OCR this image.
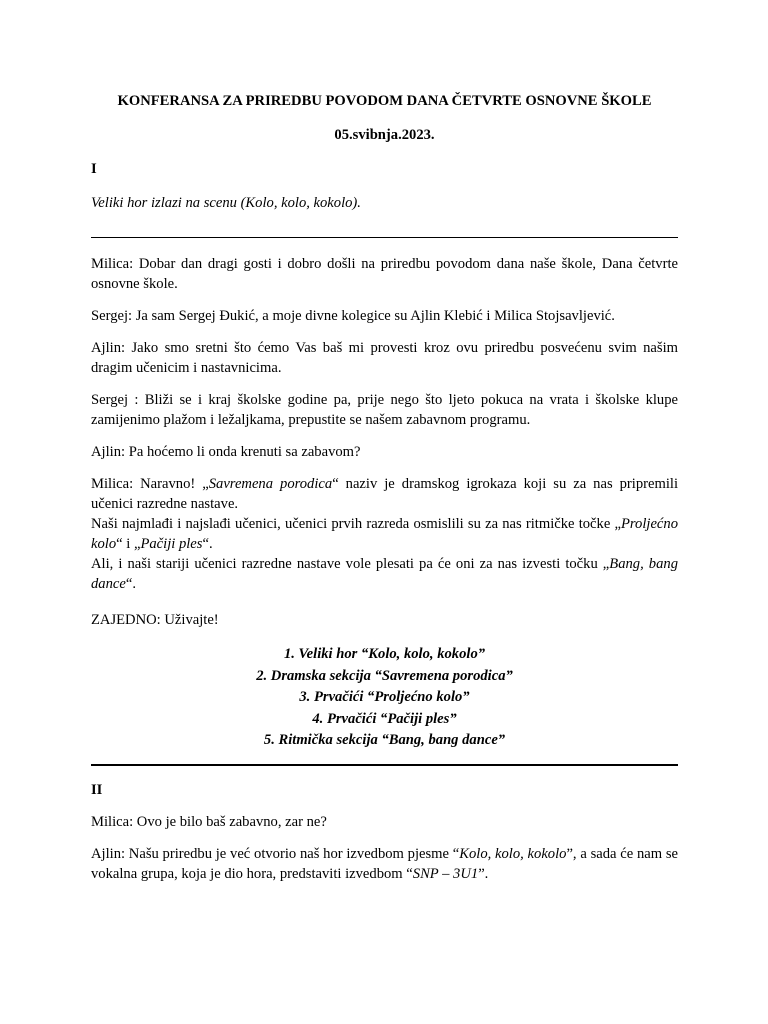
KONFERANSA ZA PRIREDBU POVODOM DANA ČETVRTE OSNOVNE ŠKOLE

05.svibnja.2023.

I

Veliki hor izlazi na scenu (Kolo, kolo, kokolo).

Milica: Dobar dan dragi gosti i dobro došli na priredbu povodom dana naše škole, Dana četvrte osnovne škole.

Sergej: Ja sam Sergej Đukić, a moje divne kolegice su Ajlin Klebić i Milica Stojsavljević.

Ajlin: Jako smo sretni što ćemo Vas baš mi provesti kroz ovu priredbu posvećenu svim našim dragim učenicim i nastavnicima.

Sergej : Bliži se i kraj školske godine pa, prije nego što ljeto pokuca na vrata i školske klupe zamijenimo plažom i ležaljkama, prepustite se našem zabavnom programu.

Ajlin: Pa hoćemo li onda krenuti sa zabavom?

Milica: Naravno! „Savremena porodica“ naziv je dramskog igrokaza koji su za nas pripremili učenici razredne nastave.

Naši najmlađi i najslađi učenici, učenici prvih razreda osmislili su za nas ritmičke točke „Proljećno kolo“ i „Pačiji ples“.

Ali, i naši stariji učenici razredne nastave vole plesati pa će oni za nas izvesti točku „Bang, bang dance“.

ZAJEDNO: Uživajte!

1. Veliki hor “Kolo, kolo, kokolo”
2. Dramska sekcija “Savremena porodica”
3. Prvačići “Proljećno kolo”
4. Prvačići “Pačiji ples”
5. Ritmička sekcija “Bang, bang dance”

II

Milica: Ovo je bilo baš zabavno, zar ne?

Ajlin: Našu priredbu je već otvorio naš hor izvedbom pjesme “Kolo, kolo, kokolo”, a sada će nam se vokalna grupa, koja je dio hora, predstaviti izvedbom “SNP – 3U1”.
